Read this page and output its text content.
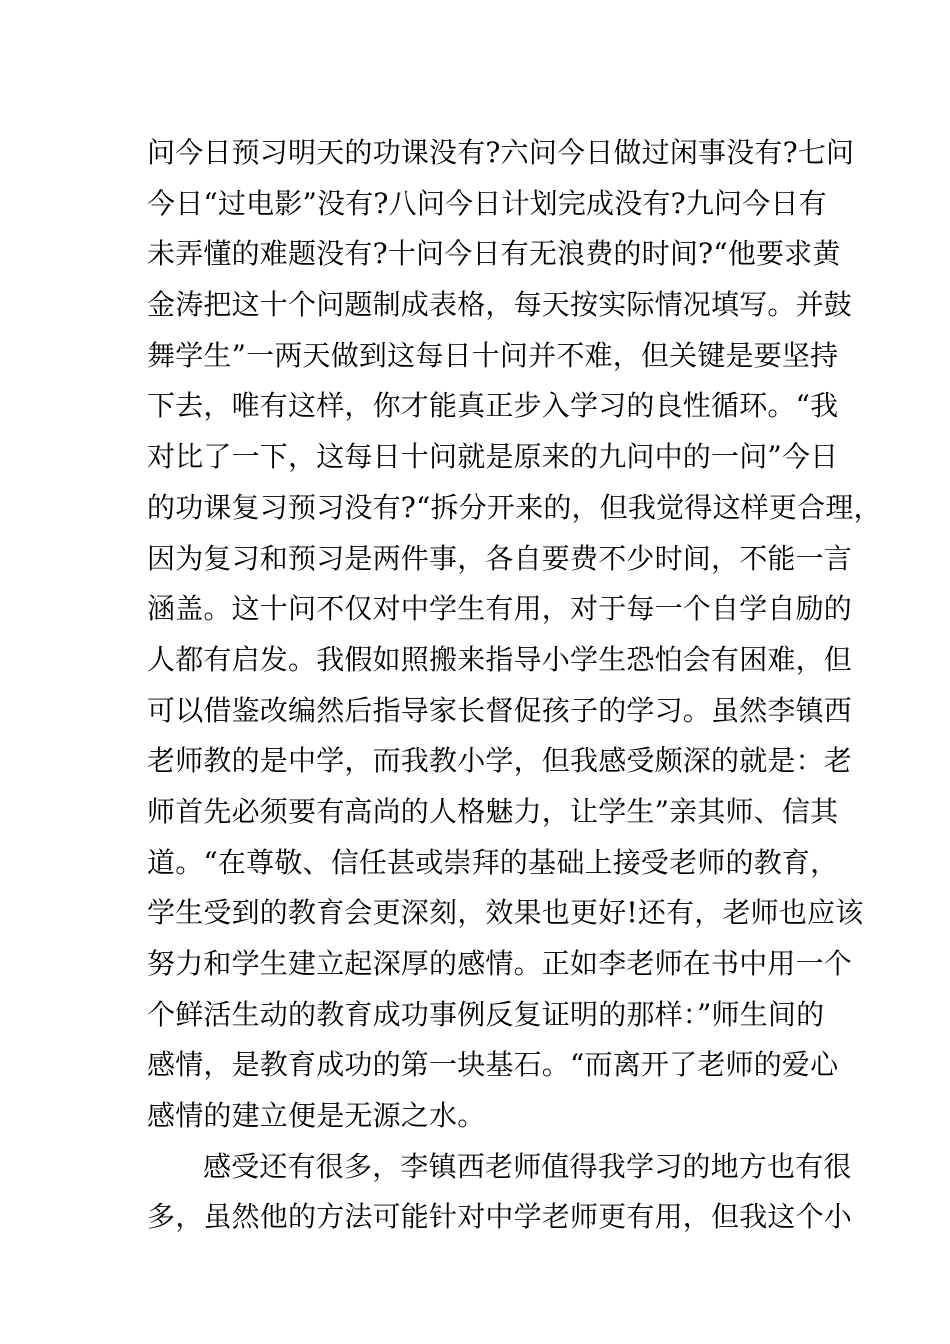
问今日预习明天的功课没有?六问今日做过闲事没有?七问
今日“过电影”没有?八问今日计划完成没有?九问今日有
未弄懂的难题没有?十问今日有无浪费的时间?“他要求黄
金涛把这十个问题制成表格，每天按实际情况填写。并鼓
舞学生”一两天做到这每日十问并不难，但关键是要坚持
下去，唯有这样，你才能真正步入学习的良性循环。“我
对比了一下，这每日十问就是原来的九问中的一问”今日
的功课复习预习没有?“拆分开来的，但我觉得这样更合理，
因为复习和预习是两件事，各自要费不少时间，不能一言
涵盖。这十问不仅对中学生有用，对于每一个自学自励的
人都有启发。我假如照搬来指导小学生恐怕会有困难，但
可以借鉴改编然后指导家长督促孩子的学习。虽然李镇西
老师教的是中学，而我教小学，但我感受颇深的就是：老
师首先必须要有高尚的人格魅力，让学生”亲其师、信其
道。“在尊敬、信任甚或崇拜的基础上接受老师的教育，
学生受到的教育会更深刻，效果也更好!还有，老师也应该
努力和学生建立起深厚的感情。正如李老师在书中用一个
个鲜活生动的教育成功事例反复证明的那样：”师生间的
感情，是教育成功的第一块基石。“而离开了老师的爱心
感情的建立便是无源之水。
感受还有很多，李镇西老师值得我学习的地方也有很
多，虽然他的方法可能针对中学老师更有用，但我这个小
